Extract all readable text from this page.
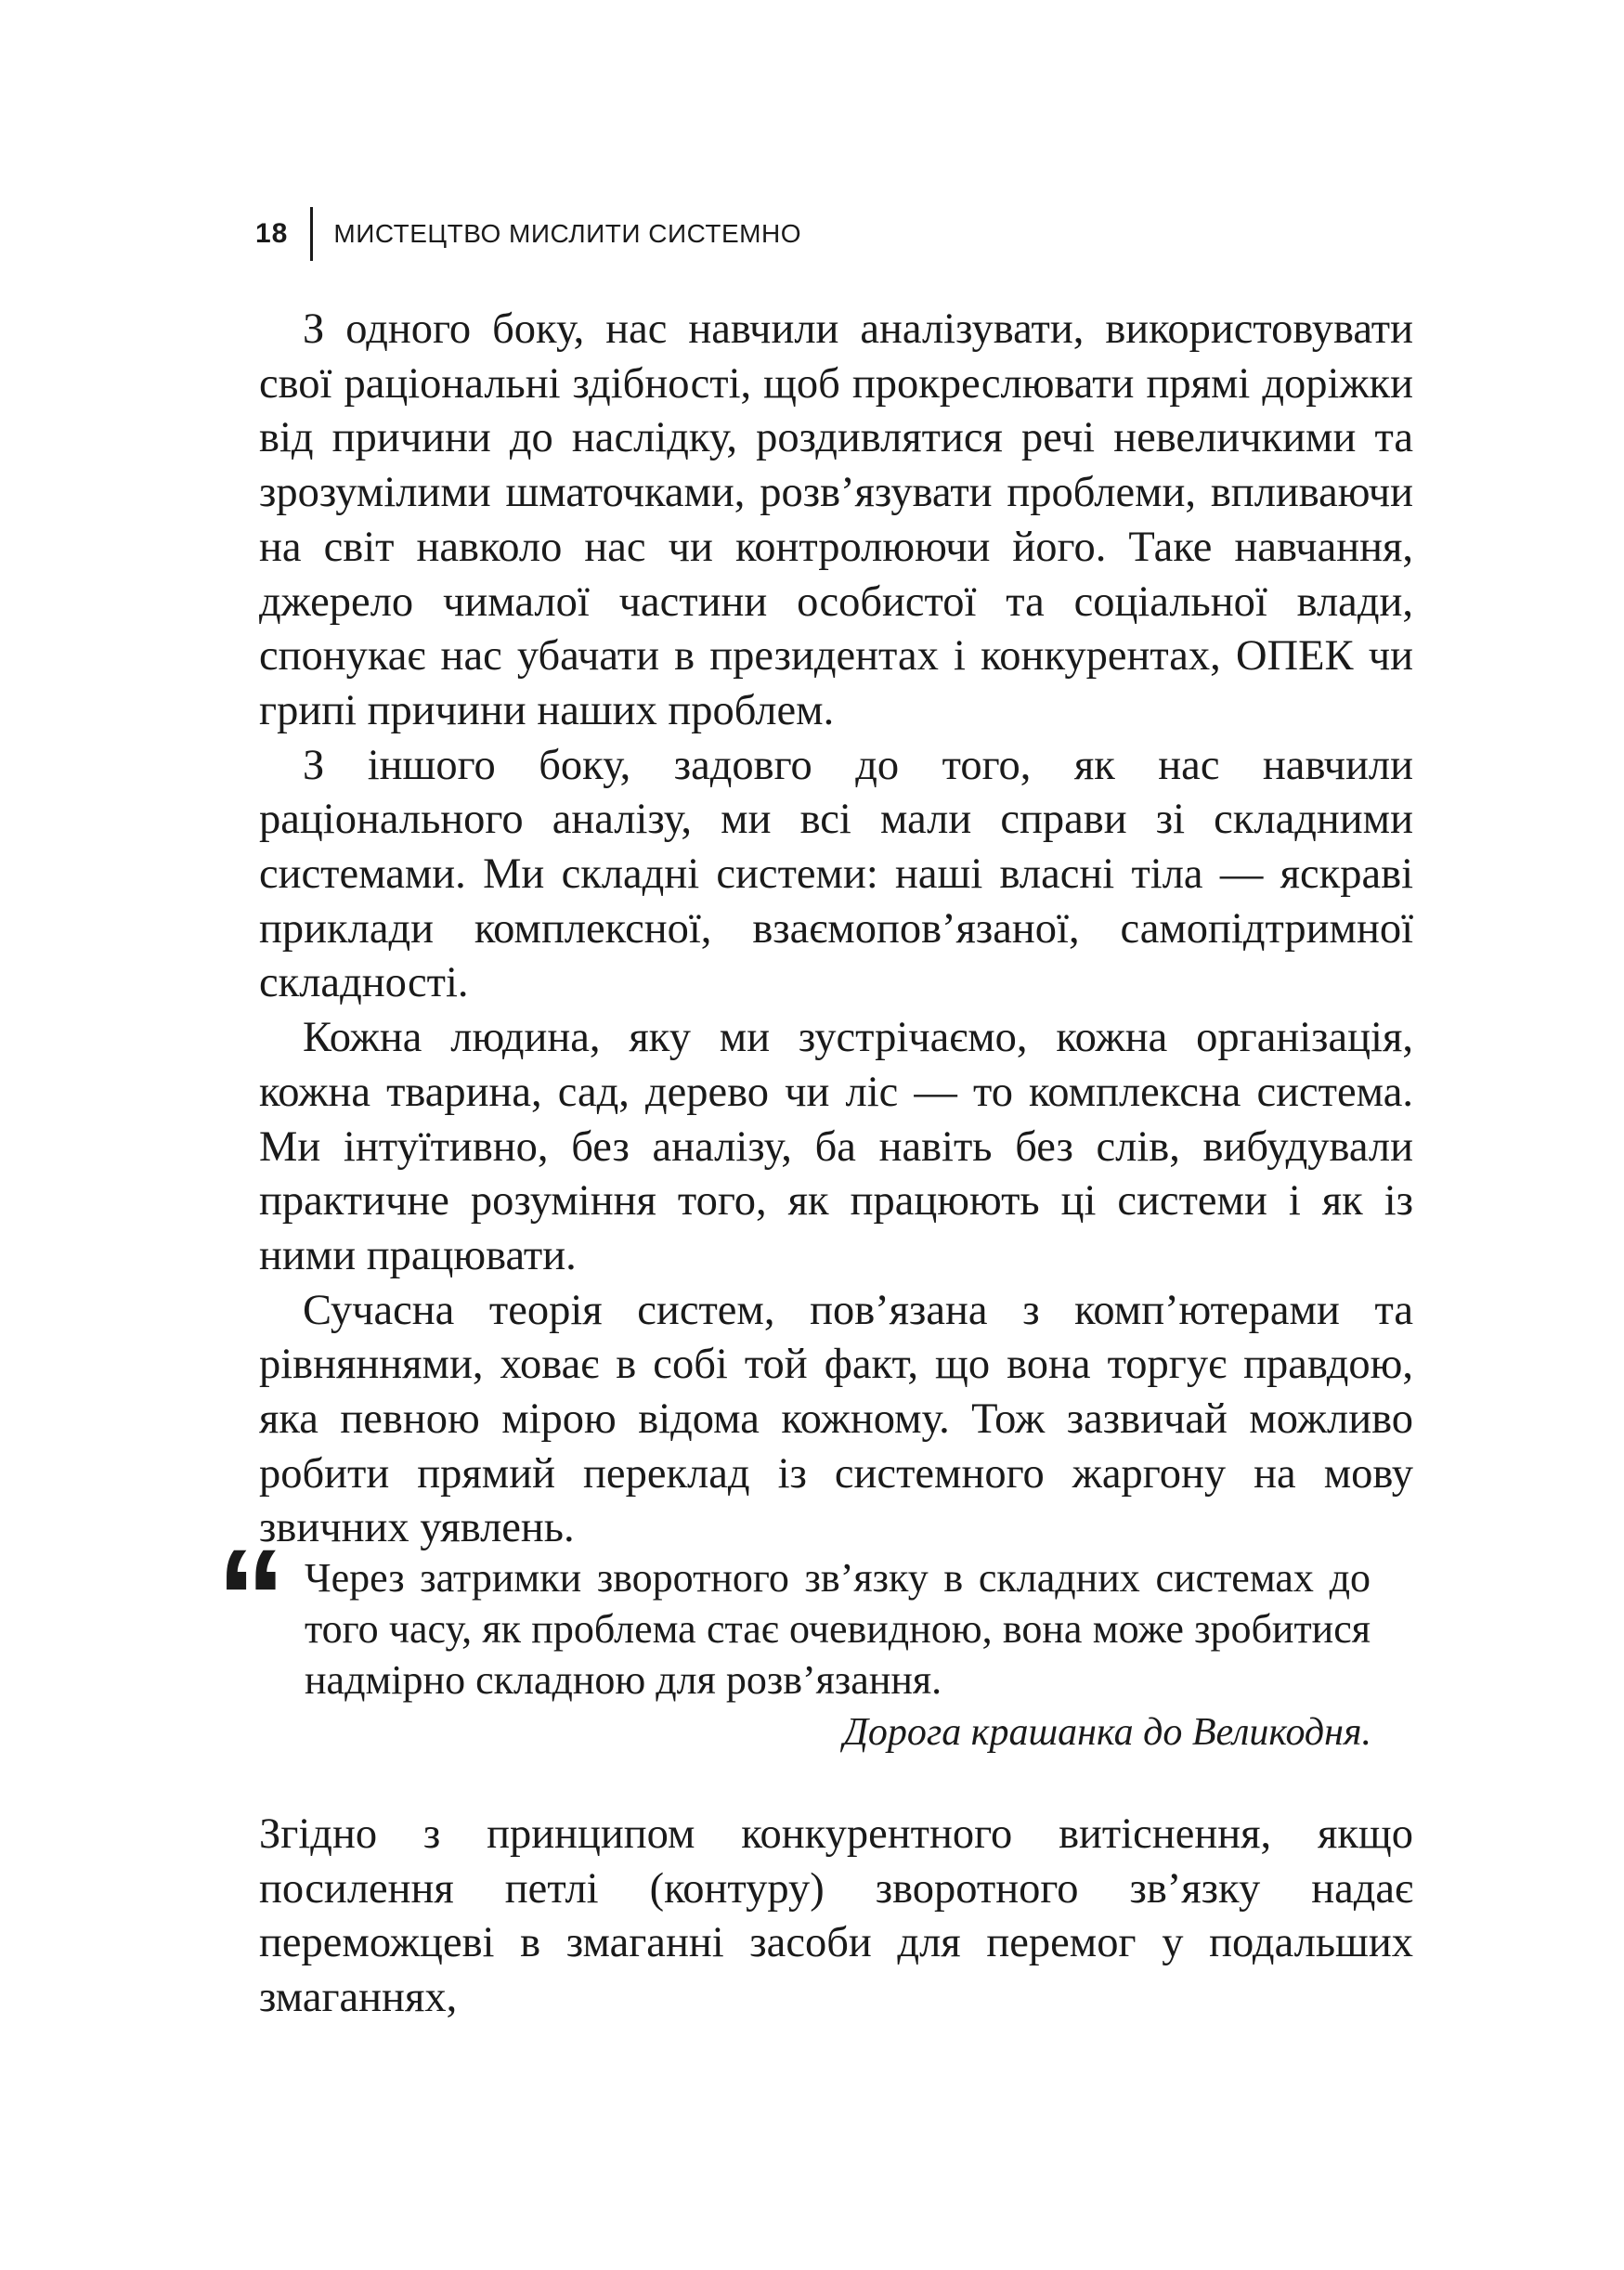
18 МИСТЕЦТВО МИСЛИТИ СИСТЕМНО

З одного боку, нас навчили аналізувати, використовувати свої раціональні здібності, щоб прокреслювати прямі доріжки від причини до наслідку, роздивлятися речі невеличкими та зрозумілими шматочками, розв’язувати проблеми, впливаючи на світ навколо нас чи контролюючи його. Таке навчання, джерело чималої частини особистої та соціальної влади, спонукає нас убачати в президентах і конкурентах, ОПЕК чи грипі причини наших проблем.

З іншого боку, задовго до того, як нас навчили раціонального аналізу, ми всі мали справи зі складними системами. Ми складні системи: наші власні тіла — яскраві приклади комплексної, взаємопов’язаної, самопідтримної складності.

Кожна людина, яку ми зустрічаємо, кожна організація, кожна тварина, сад, дерево чи ліс — то комплексна система. Ми інтуїтивно, без аналізу, ба навіть без слів, вибудували практичне розуміння того, як працюють ці системи і як із ними працювати.

Сучасна теорія систем, пов’язана з комп’ютерами та рівняннями, ховає в собі той факт, що вона торгує правдою, яка певною мірою відома кожному. Тож зазвичай можливо робити прямий переклад із системного жаргону на мову звичних уявлень.

“ Через затримки зворотного зв’язку в складних системах до того часу, як проблема стає очевидною, вона може зробитися надмірно складною для розв’язання.

Дорога крашанка до Великодня.

Згідно з принципом конкурентного витіснення, якщо посилення петлі (контуру) зворотного зв’язку надає переможцеві в змаганні засоби для перемог у подальших змаганнях,
